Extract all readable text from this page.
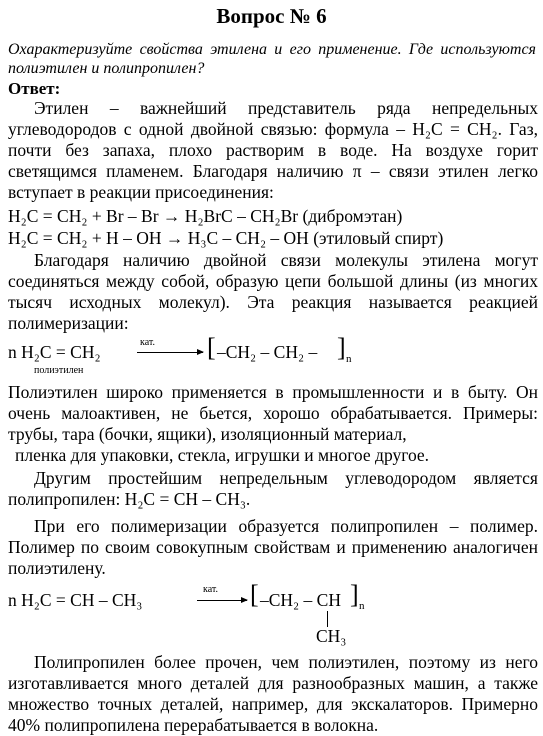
Вопрос № 6
Охарактеризуйте свойства этилена и его применение. Где используются полиэтилен и полипропилен?
Ответ:

Этилен – важнейший представитель ряда непредельных углеводородов с одной двойной связью: формула – H₂C = CH₂. Газ, почти без запаха, плохо растворим в воде. На воздухе горит светящимся пламенем. Благодаря наличию π – связи этилен легко вступает в реакции присоединения:

H₂C = CH₂ + Br – Br → H₂BrC – CH₂Br (дибромэтан)
H₂C = CH₂ + H – OH → H₃C – CH₂ – OH (этиловый спирт)

Благодаря наличию двойной связи молекулы этилена могут соединяться между собой, образую цепи большой длины (из многих тысяч исходных молекул). Эта реакция называется реакцией полимеризации:

n H₂C = CH₂	кат. [ –CH₂ – CH₂ – ] n
полиэтилен

Полиэтилен широко применяется в промышленности и в быту. Он очень малоактивен, не бьется, хорошо обрабатывается. Примеры: трубы, тара (бочки, ящики), изоляционный материал,

пленка для упаковки, стекла, игрушки и многое другое.

Другим простейшим непредельным углеводородом является полипропилен: H₂C = CH – CH₃.

При его полимеризации образуется полипропилен – полимер. Полимер по своим совокупным свойствам и применению аналогичен полиэтилену.

n H₂C = CH – CH₃
кат. → [ –CH₂ – CH ] n
CH₃

Полипропилен более прочен, чем полиэтилен, поэтому из него изготавливается много деталей для разнообразных машин, а также множество точных деталей, например, для экскалаторов. Примерно 40% полипропилена перерабатывается в волокна.
